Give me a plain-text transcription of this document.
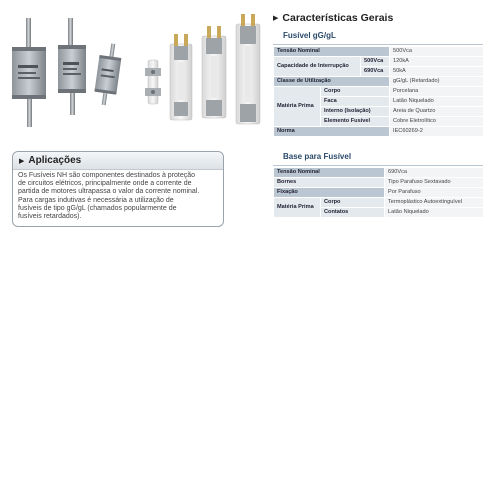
▶ Aplicações
Os Fusíveis NH são componentes destinados à proteção
de circuitos elétricos, principalmente onde a corrente de
partida de motores ultrapassa o valor da corrente nominal.
Para cargas indutivas é necessária a utilização de
fusíveis de tipo gG/gL (chamados popularmente de
fusíveis retardados).
▶ Características Gerais
Fusível gG/gL
Tensão Nominal			500Vca
Capacidade de Interrupção		500Vca	120kA
		690Vca	50kA
Classe de Utilização			gG/gL (Retardado)
Matéria Prima	Corpo		Porcelana
	Faca		Latão Niquelado
	Interno (Isolação)		Areia de Quartzo
	Elemento Fusível		Cobre Eletrolítico
Norma			IEC60269-2
Base para Fusível
Tensão Nominal		690Vca
Bornes		Tipo Parafuso Sextavado
Fixação		Por Parafuso
Matéria Prima	Corpo	Termoplástico Autoextinguível
	Contatos	Latão Niquelado
